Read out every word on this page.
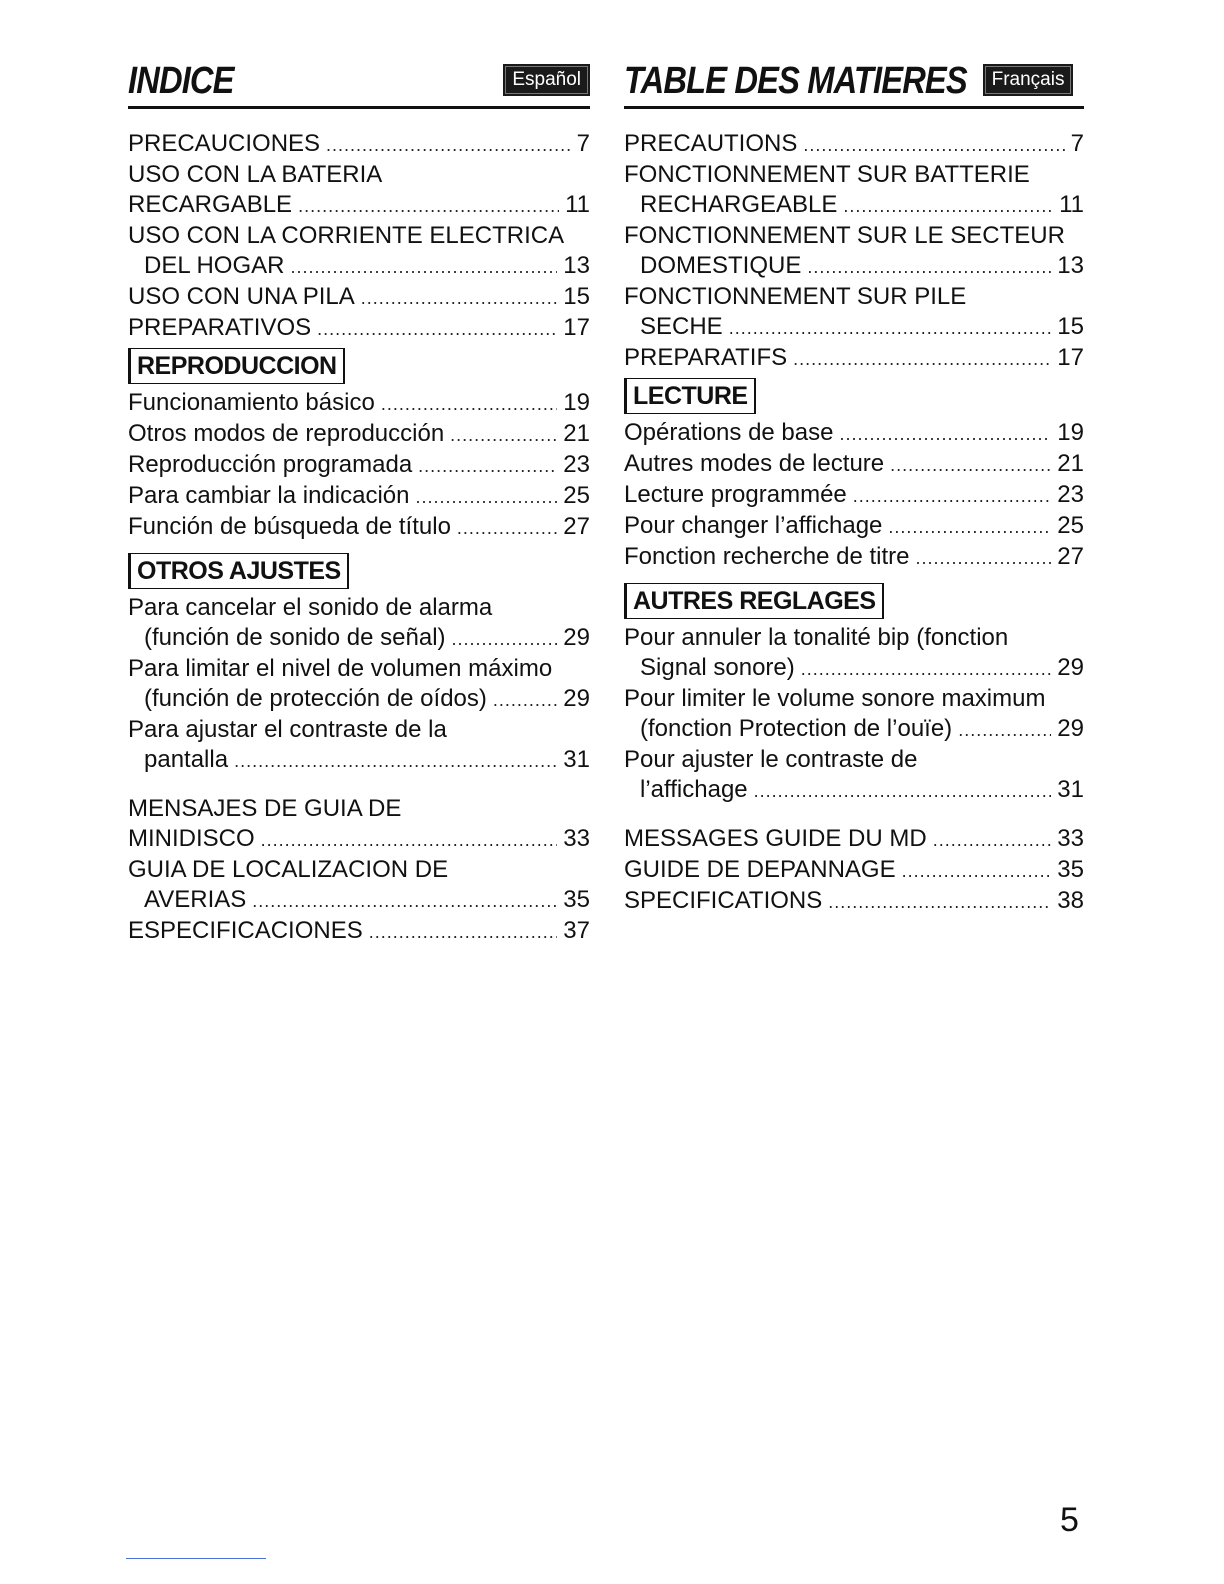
INDICE	Español
PRECAUCIONES .....	7
USO CON LA BATERIA
RECARGABLE .....	11
USO CON LA CORRIENTE ELECTRICA
DEL HOGAR .....	13
USO CON UNA PILA .....	15
PREPARATIVOS .....	17
REPRODUCCION
Funcionamiento básico .....	19
Otros modos de reproducción .....	21
Reproducción programada .....	23
Para cambiar la indicación .....	25
Función de búsqueda de título .....	27
OTROS AJUSTES
Para cancelar el sonido de alarma
(función de sonido de señal) .....	29
Para limitar el nivel de volumen máximo
(función de protección de oídos) .....	29
Para ajustar el contraste de la
pantalla .....	31
MENSAJES DE GUIA DE
MINIDISCO .....	33
GUIA DE LOCALIZACION DE
AVERIAS .....	35
ESPECIFICACIONES .....	37
TABLE DES MATIERES	Français
PRECAUTIONS .....	7
FONCTIONNEMENT SUR BATTERIE
RECHARGEABLE .....	11
FONCTIONNEMENT SUR LE SECTEUR
DOMESTIQUE .....	13
FONCTIONNEMENT SUR PILE
SECHE .....	15
PREPARATIFS .....	17
LECTURE
Opérations de base .....	19
Autres modes de lecture .....	21
Lecture programmée .....	23
Pour changer l’affichage .....	25
Fonction recherche de titre .....	27
AUTRES REGLAGES
Pour annuler la tonalité bip (fonction
Signal sonore) .....	29
Pour limiter le volume sonore maximum
(fonction Protection de l’ouïe) .....	29
Pour ajuster le contraste de
l’affichage .....	31
MESSAGES GUIDE DU MD .....	33
GUIDE DE DEPANNAGE .....	35
SPECIFICATIONS .....	38
5
